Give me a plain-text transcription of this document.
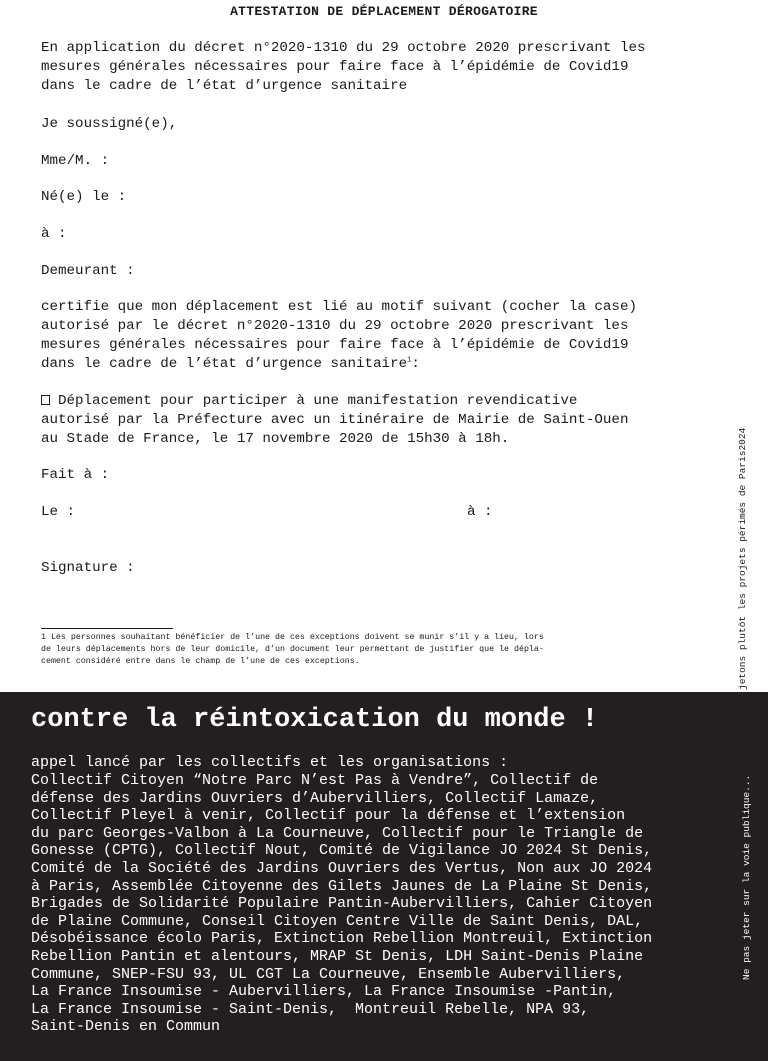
ATTESTATION DE DÉPLACEMENT DÉROGATOIRE
En application du décret n°2020-1310 du 29 octobre 2020 prescrivant les
mesures générales nécessaires pour faire face à l’épidémie de Covid19
dans le cadre de l’état d’urgence sanitaire
Je soussigné(e),
Mme/M. :
Né(e) le :
à :
Demeurant :
certifie que mon déplacement est lié au motif suivant (cocher la case)
autorisé par le décret n°2020-1310 du 29 octobre 2020 prescrivant les
mesures générales nécessaires pour faire face à l’épidémie de Covid19
dans le cadre de l’état d’urgence sanitaire$^1$:
Déplacement pour participer à une manifestation revendicative
autorisé par la Préfecture avec un itinéraire de Mairie de Saint-Ouen
au Stade de France, le 17 novembre 2020 de 15h30 à 18h.
Fait à :
Le :	à :
Signature :
1 Les personnes souhaitant bénéficier de l’une de ces exceptions doivent se munir s’il y a lieu, lors
de leurs déplacements hors de leur domicile, d’un document leur permettant de justifier que le dépla-
cement considéré entre dans le champ de l’une de ces exceptions.	jetons plutôt les projets périmés de Paris2024
contre la réintoxication du monde !
appel lancé par les collectifs et les organisations :
Collectif Citoyen “Notre Parc N’est Pas à Vendre”, Collectif de
défense des Jardins Ouvriers d’Aubervilliers, Collectif Lamaze,
Collectif Pleyel à venir, Collectif pour la défense et l’extension
du parc Georges-Valbon à La Courneuve, Collectif pour le Triangle de
Gonesse (CPTG), Collectif Nout, Comité de Vigilance JO 2024 St Denis,
Comité de la Société des Jardins Ouvriers des Vertus, Non aux JO 2024
à Paris, Assemblée Citoyenne des Gilets Jaunes de La Plaine St Denis,
Brigades de Solidarité Populaire Pantin-Aubervilliers, Cahier Citoyen
de Plaine Commune, Conseil Citoyen Centre Ville de Saint Denis, DAL,
Désobéissance écolo Paris, Extinction Rebellion Montreuil, Extinction
Rebellion Pantin et alentours, MRAP St Denis, LDH Saint-Denis Plaine
Commune, SNEP-FSU 93, UL CGT La Courneuve, Ensemble Aubervilliers,
La France Insoumise - Aubervilliers, La France Insoumise -Pantin,
La France Insoumise - Saint-Denis,  Montreuil Rebelle, NPA 93,
Saint-Denis en Commun
Ne pas jeter sur la voie publique...
